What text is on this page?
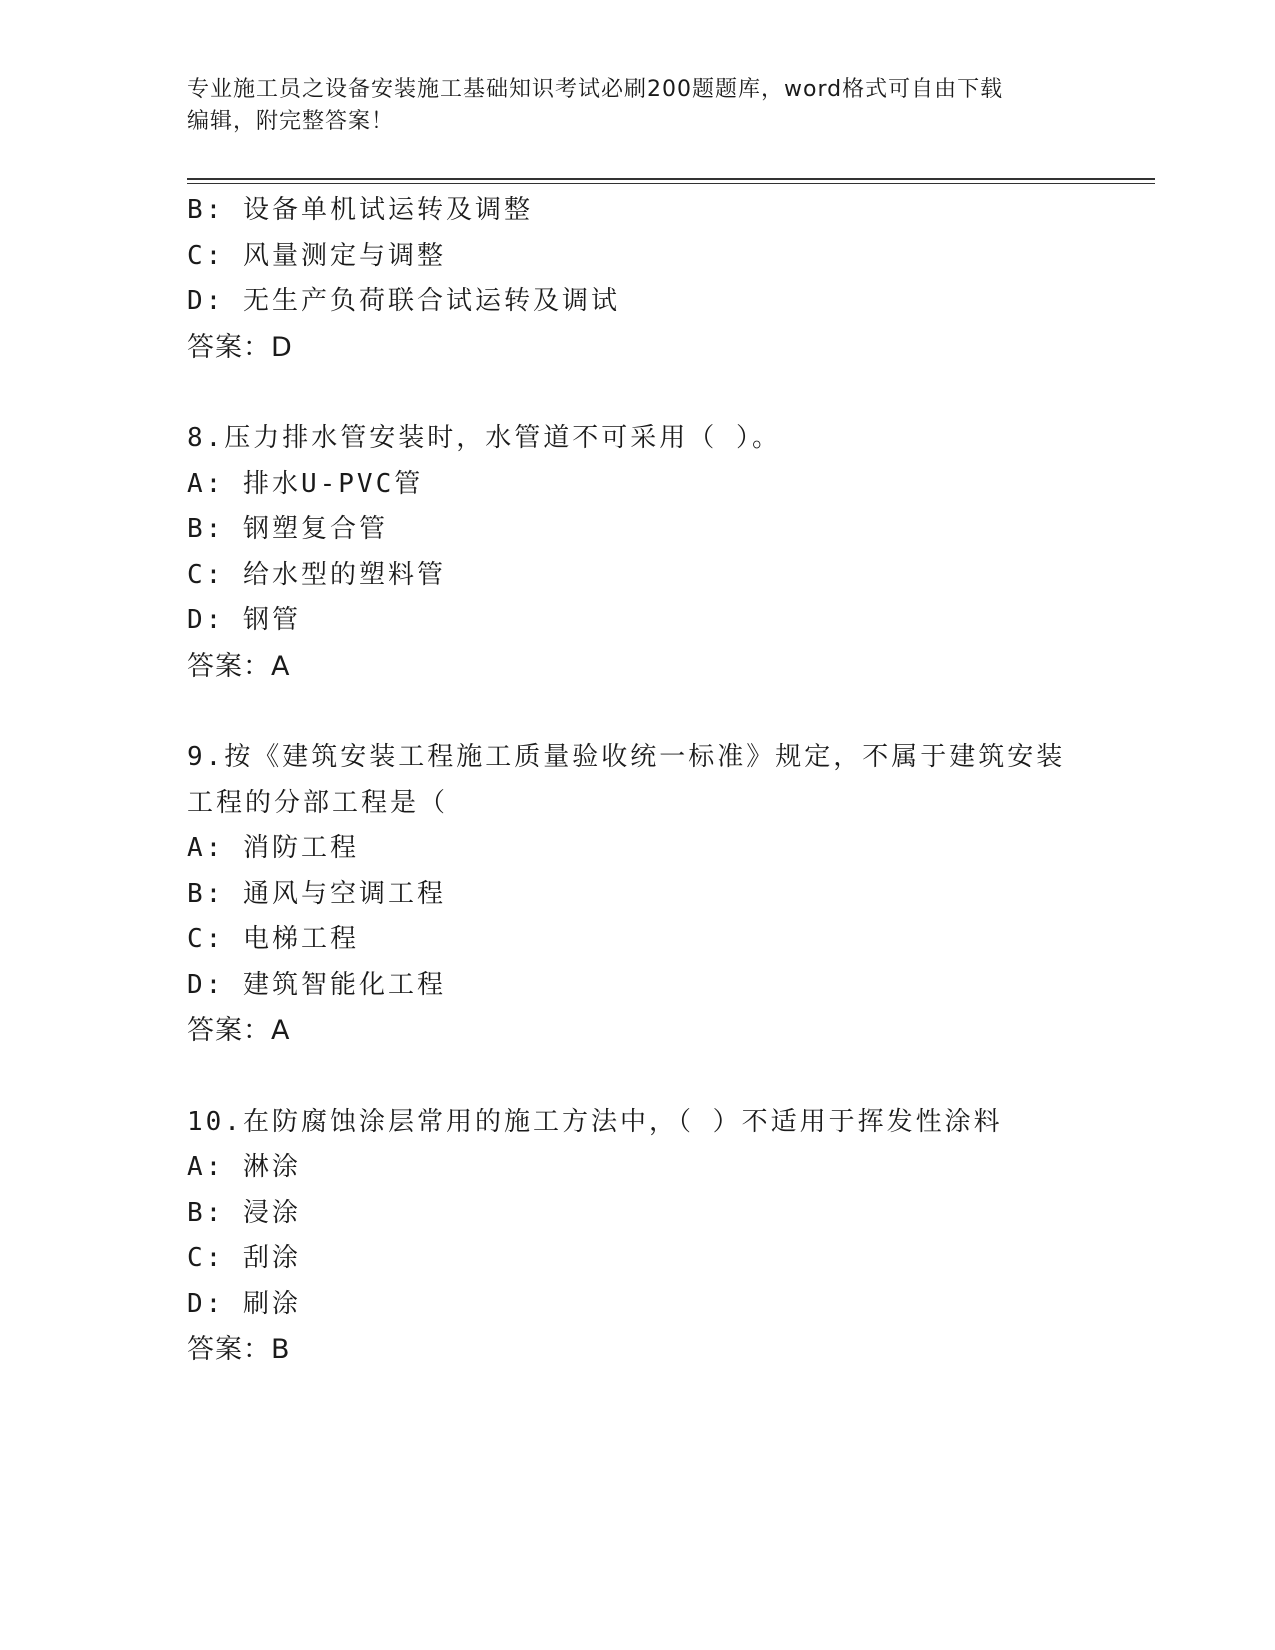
专业施工员之设备安装施工基础知识考试必刷200题题库，word格式可自由下载
编辑，附完整答案！
B: 设备单机试运转及调整
C: 风量测定与调整
D: 无生产负荷联合试运转及调试
答案：D
8.压力排水管安装时，水管道不可采用（ ）。
A: 排水U-PVC管
B: 钢塑复合管
C: 给水型的塑料管
D: 钢管
答案：A
9.按《建筑安装工程施工质量验收统一标准》规定，不属于建筑安装
工程的分部工程是（
A: 消防工程
B: 通风与空调工程
C: 电梯工程
D: 建筑智能化工程
答案：A
10.在防腐蚀涂层常用的施工方法中，（ ）不适用于挥发性涂料
A: 淋涂
B: 浸涂
C: 刮涂
D: 刷涂
答案：B
